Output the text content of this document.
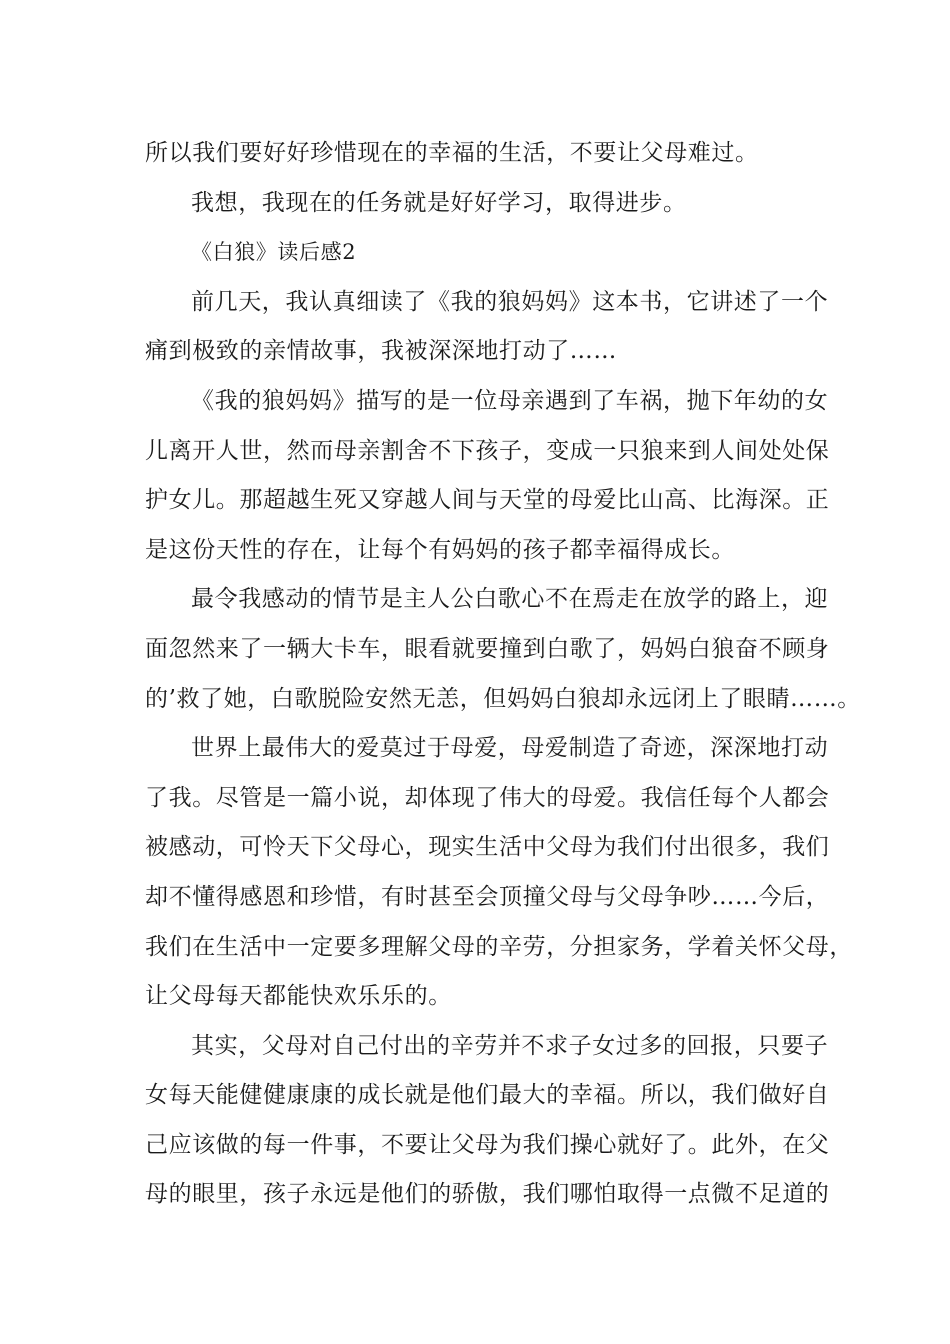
所以我们要好好珍惜现在的幸福的生活，不要让父母难过。
我想，我现在的任务就是好好学习，取得进步。
《白狼》读后感2
前几天，我认真细读了《我的狼妈妈》这本书，它讲述了一个
痛到极致的亲情故事，我被深深地打动了……
《我的狼妈妈》描写的是一位母亲遇到了车祸，抛下年幼的女
儿离开人世，然而母亲割舍不下孩子，变成一只狼来到人间处处保
护女儿。那超越生死又穿越人间与天堂的母爱比山高、比海深。正
是这份天性的存在，让每个有妈妈的孩子都幸福得成长。
最令我感动的情节是主人公白歌心不在焉走在放学的路上，迎
面忽然来了一辆大卡车，眼看就要撞到白歌了，妈妈白狼奋不顾身
的’救了她，白歌脱险安然无恙，但妈妈白狼却永远闭上了眼睛……。
世界上最伟大的爱莫过于母爱，母爱制造了奇迹，深深地打动
了我。尽管是一篇小说，却体现了伟大的母爱。我信任每个人都会
被感动，可怜天下父母心，现实生活中父母为我们付出很多，我们
却不懂得感恩和珍惜，有时甚至会顶撞父母与父母争吵……今后，
我们在生活中一定要多理解父母的辛劳，分担家务，学着关怀父母，
让父母每天都能快欢乐乐的。
其实，父母对自己付出的辛劳并不求子女过多的回报，只要子
女每天能健健康康的成长就是他们最大的幸福。所以，我们做好自
己应该做的每一件事，不要让父母为我们操心就好了。此外，在父
母的眼里，孩子永远是他们的骄傲，我们哪怕取得一点微不足道的
